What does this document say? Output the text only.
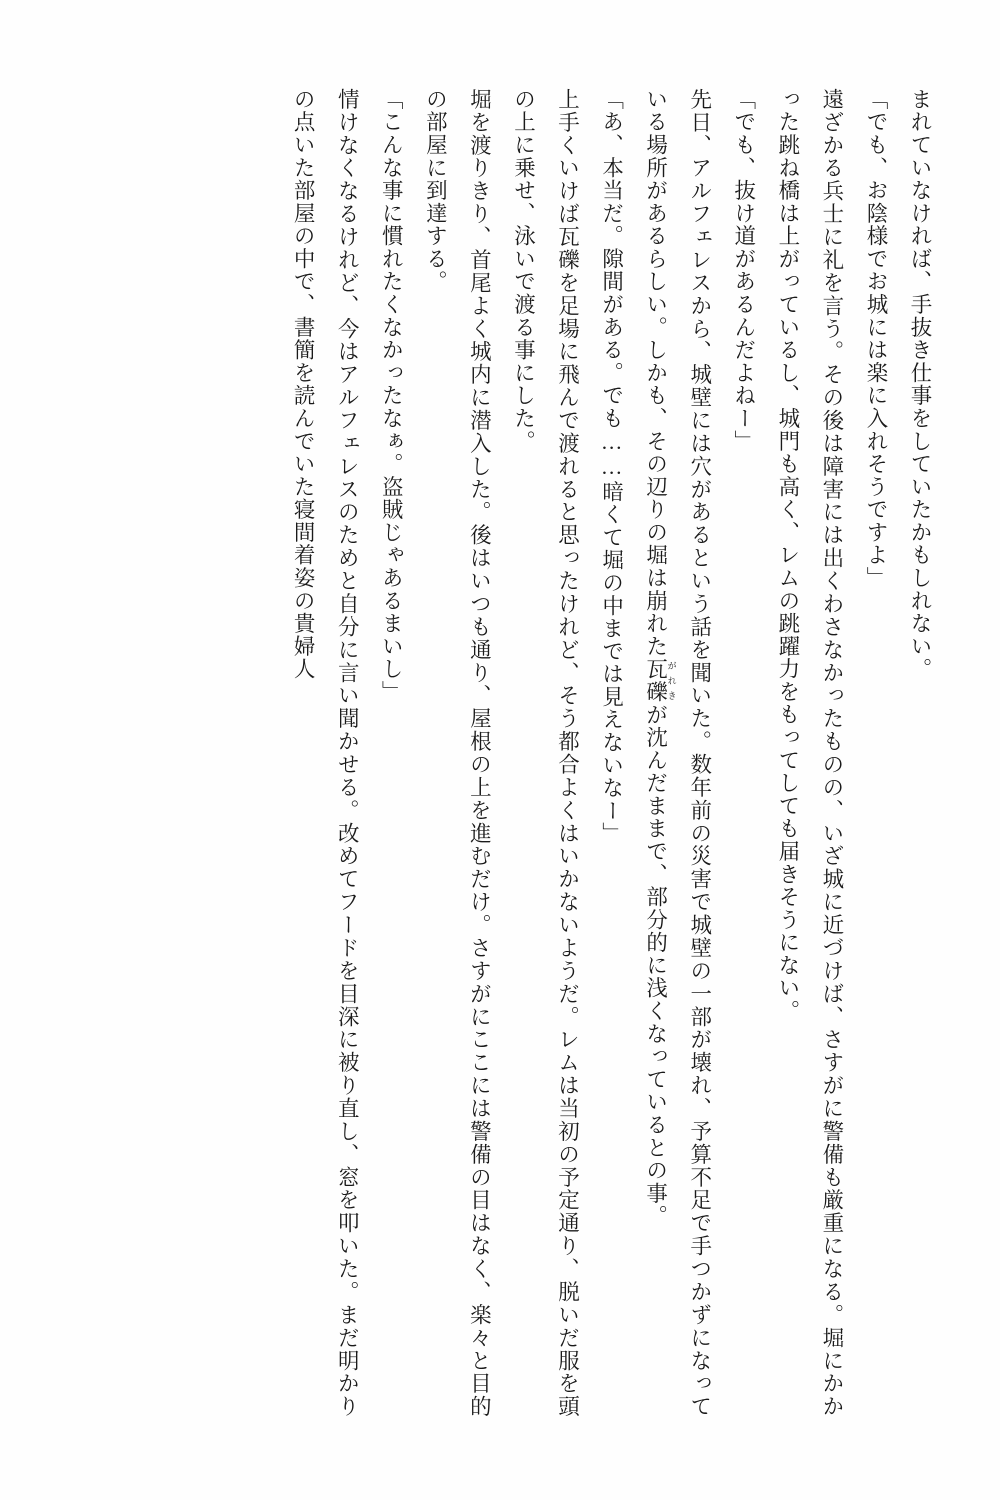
まれていなければ、手抜き仕事をしていたかもしれない。

「でも、お陰様でお城には楽に入れそうですよ」

遠ざかる兵士に礼を言う。その後は障害には出くわさなかったものの、いざ城に近づけば、さすがに警備も厳重になる。堀にかかった跳ね橋は上がっているし、城門も高く、レムの跳躍力をもってしても届きそうにない。

「でも、抜け道があるんだよねー」

先日、アルフェレスから、城壁には穴があるという話を聞いた。数年前の災害で城壁の一部が壊れ、予算不足で手つかずになっている場所があるらしい。しかも、その辺りの堀は崩れた瓦礫 がれきが沈んだままで、部分的に浅くなっているとの事。

「あ、本当だ。隙間がある。でも……暗くて堀の中までは見えないなー」

上手くいけば瓦礫を足場に飛んで渡れると思ったけれど、そう都合よくはいかないようだ。レムは当初の予定通り、脱いだ服を頭の上に乗せ、泳いで渡る事にした。

堀を渡りきり、首尾よく城内に潜入した。後はいつも通り、屋根の上を進むだけ。さすがにここには警備の目はなく、楽々と目的の部屋に到達する。

「こんな事に慣れたくなかったなぁ。盗賊じゃあるまいし」

情けなくなるけれど、今はアルフェレスのためと自分に言い聞かせる。改めてフードを目深に被り直し、窓を叩いた。まだ明かりの点いた部屋の中で、書簡を読んでいた寝間着姿の貴婦人
